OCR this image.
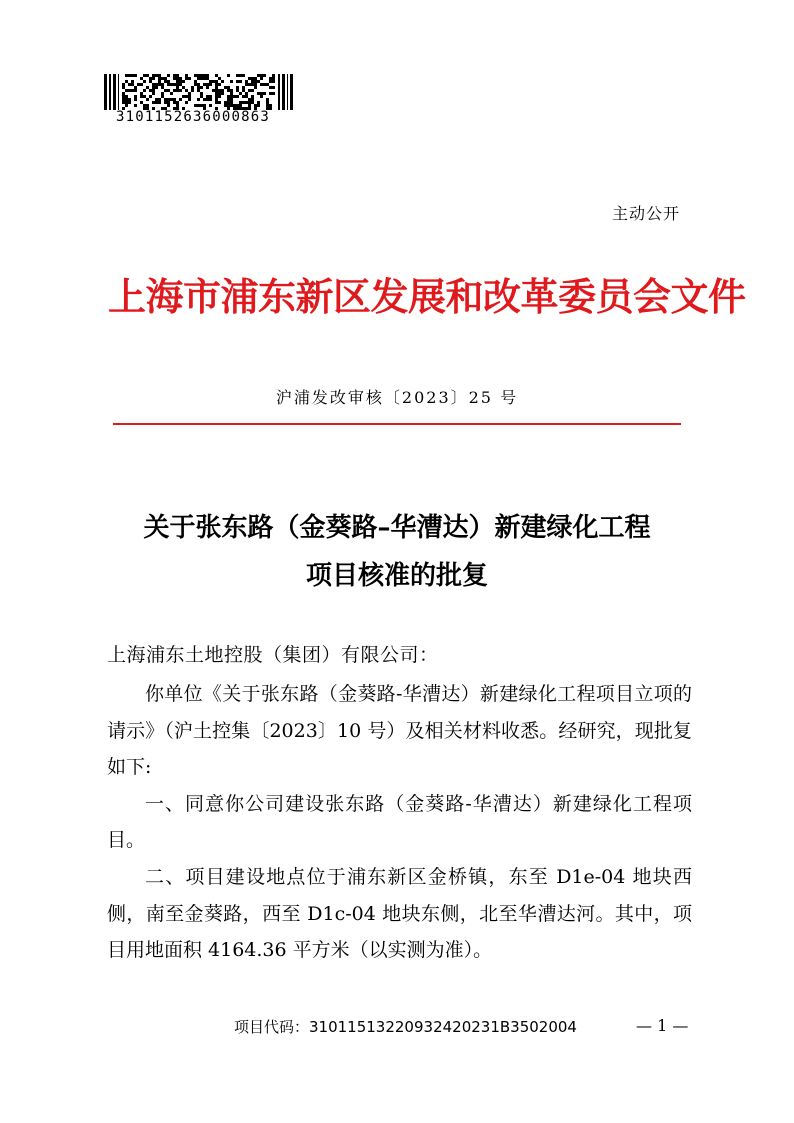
3101152636000863
主动公开
上海市浦东新区发展和改革委员会文件
沪浦发改审核〔2023〕25 号
关于张东路（金葵路–华漕达）新建绿化工程
项目核准的批复
上海浦东土地控股（集团）有限公司：

你单位《关于张东路（金葵路-华漕达）新建绿化工程项目立项的请示》（沪土控集〔2023〕10 号）及相关材料收悉。经研究，现批复如下:

一、同意你公司建设张东路（金葵路-华漕达）新建绿化工程项目。

二、项目建设地点位于浦东新区金桥镇，东至 D1e-04 地块西侧，南至金葵路，西至 D1c-04 地块东侧，北至华漕达河。其中，项目用地面积 4164.36 平方米（以实测为准）。

项目代码：31011513220932420231B3502004	— 1 —
